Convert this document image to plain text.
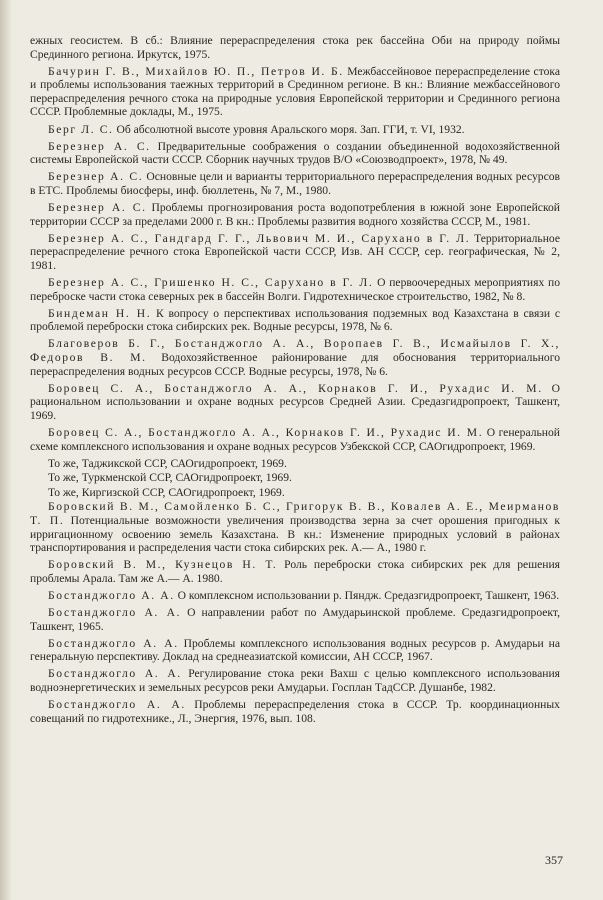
ежных геосистем. В сб.: Влияние перераспределения стока рек бассейна Оби на природу поймы Срединного региона. Иркутск, 1975.

Бачурин Г. В., Михайлов Ю. П., Петров И. Б. Межбассейновое перераспределение стока и проблемы использования таежных территорий в Срединном регионе. В кн.: Влияние межбассейнового перераспределения речного стока на природные условия Европейской территории и Срединного региона СССР. Проблемные доклады, М., 1975.

Берг Л. С. Об абсолютной высоте уровня Аральского моря. Зап. ГГИ, т. VI, 1932.

Березнер А. С. Предварительные соображения о создании объединенной водохозяйственной системы Европейской части СССР. Сборник научных трудов В/О «Союзводпроект», 1978, № 49.

Березнер А. С. Основные цели и варианты территориального перераспределения водных ресурсов в ЕТС. Проблемы биосферы, инф. бюллетень, № 7, М., 1980.

Березнер А. С. Проблемы прогнозирования роста водопотребления в южной зоне Европейской территории СССР за пределами 2000 г. В кн.: Проблемы развития водного хозяйства СССР, М., 1981.

Березнер А. С., Гандгард Г. Г., Львович М. И., Сарухано в Г. Л. Территориальное перераспределение речного стока Европейской части СССР, Изв. АН СССР, сер. географическая, № 2, 1981.

Березнер А. С., Гришенко Н. С., Сарухано в Г. Л. О первоочередных мероприятиях по переброске части стока северных рек в бассейн Волги. Гидротехническое строительство, 1982, № 8.

Биндеман Н. Н. К вопросу о перспективах использования подземных вод Казахстана в связи с проблемой переброски стока сибирских рек. Водные ресурсы, 1978, № 6.

Благоверов Б. Г., Бостанджогло А. А., Воропаев Г. В., Исмайылов Г. Х., Федоров В. М. Водохозяйственное районирование для обоснования территориального перераспределения водных ресурсов СССР. Водные ресурсы, 1978, № 6.

Боровец С. А., Бостанджогло А. А., Корнаков Г. И., Рухадис И. М. О рациональном использовании и охране водных ресурсов Средней Азии. Средазгидропроект, Ташкент, 1969.

Боровец С. А., Бостанджогло А. А., Корнаков Г. И., Рухадис И. М. О генеральной схеме комплексного использования и охране водных ресурсов Узбекской ССР, САОгидропроект, 1969.

То же, Таджикской ССР, САОгидропроект, 1969.

То же, Туркменской ССР, САОгидропроект, 1969.

То же, Киргизской ССР, САОгидропроект, 1969.

Боровский В. М., Самойленко Б. С., Григорук В. В., Ковалев А. Е., Меирманов Т. П. Потенциальные возможности увеличения производства зерна за счет орошения пригодных к ирригационному освоению земель Казахстана. В кн.: Изменение природных условий в районах транспортирования и распределения части стока сибирских рек. А.— А., 1980 г.

Боровский В. М., Кузнецов Н. Т. Роль переброски стока сибирских рек для решения проблемы Арала. Там же А.— А. 1980.

Бостанджогло А. А. О комплексном использовании р. Пяндж. Средазгидропроект, Ташкент, 1963.

Бостанджогло А. А. О направлении работ по Амударьинской проблеме. Средазгидропроект, Ташкент, 1965.

Бостанджогло А. А. Проблемы комплексного использования водных ресурсов р. Амударьи на генеральную перспективу. Доклад на среднеазиатской комиссии, АН СССР, 1967.

Бостанджогло А. А. Регулирование стока реки Вахш с целью комплексного использования водноэнергетических и земельных ресурсов реки Амударьи. Госплан ТадССР. Душанбе, 1982.

Бостанджогло А. А. Проблемы перераспределения стока в СССР. Тр. координационных совещаний по гидротехнике., Л., Энергия, 1976, вып. 108.

357
